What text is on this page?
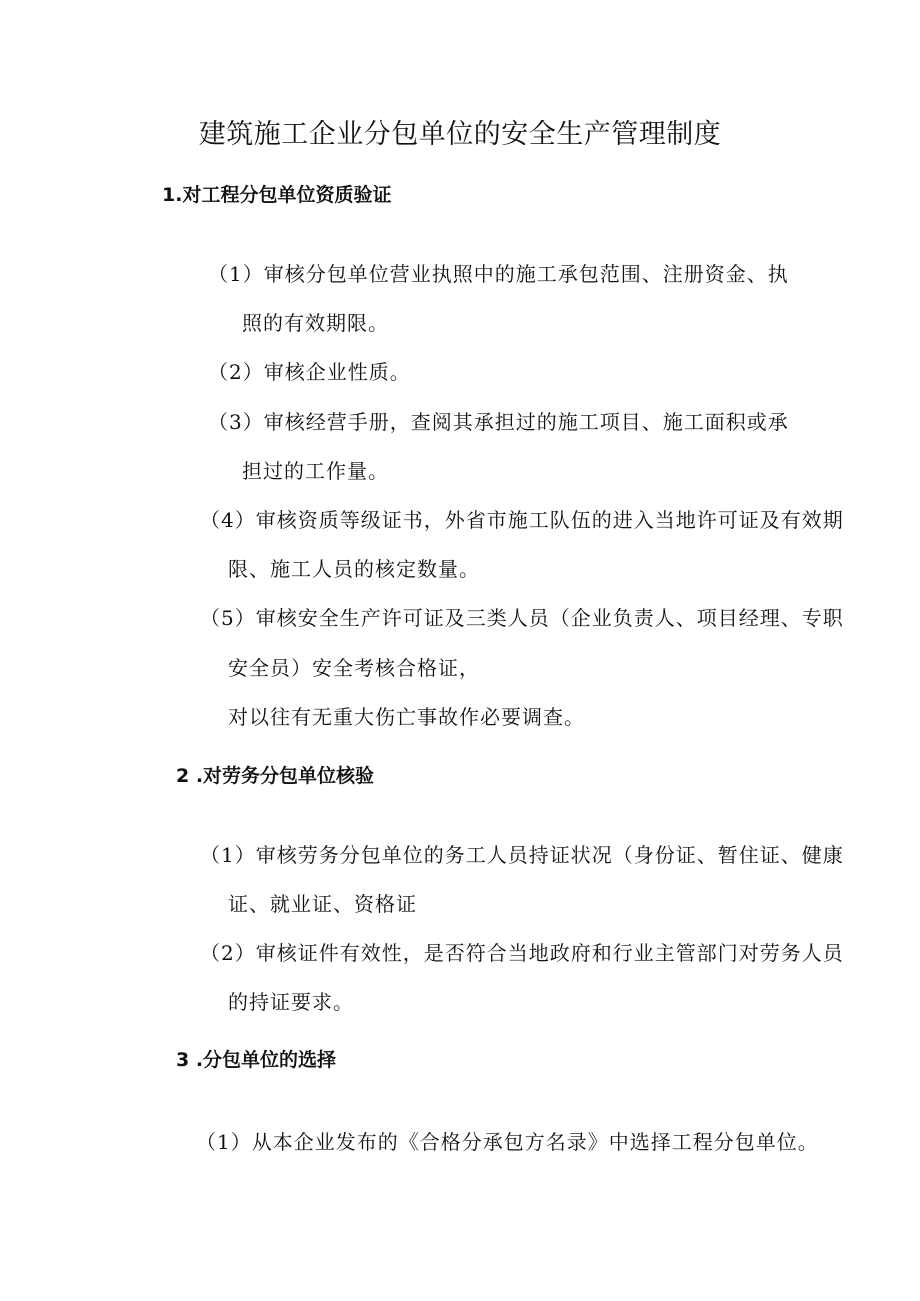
建筑施工企业分包单位的安全生产管理制度
1.对工程分包单位资质验证
（1）审核分包单位营业执照中的施工承包范围、注册资金、执
照的有效期限。
（2）审核企业性质。
（3）审核经营手册，查阅其承担过的施工项目、施工面积或承
担过的工作量。
（4）审核资质等级证书，外省市施工队伍的进入当地许可证及有效期
限、施工人员的核定数量。
（5）审核安全生产许可证及三类人员（企业负责人、项目经理、专职
安全员）安全考核合格证，
对以往有无重大伤亡事故作必要调查。
2 .对劳务分包单位核验
（1）审核劳务分包单位的务工人员持证状况（身份证、暂住证、健康
证、就业证、资格证
（2）审核证件有效性，是否符合当地政府和行业主管部门对劳务人员
的持证要求。
3 .分包单位的选择
（1）从本企业发布的《合格分承包方名录》中选择工程分包单位。
